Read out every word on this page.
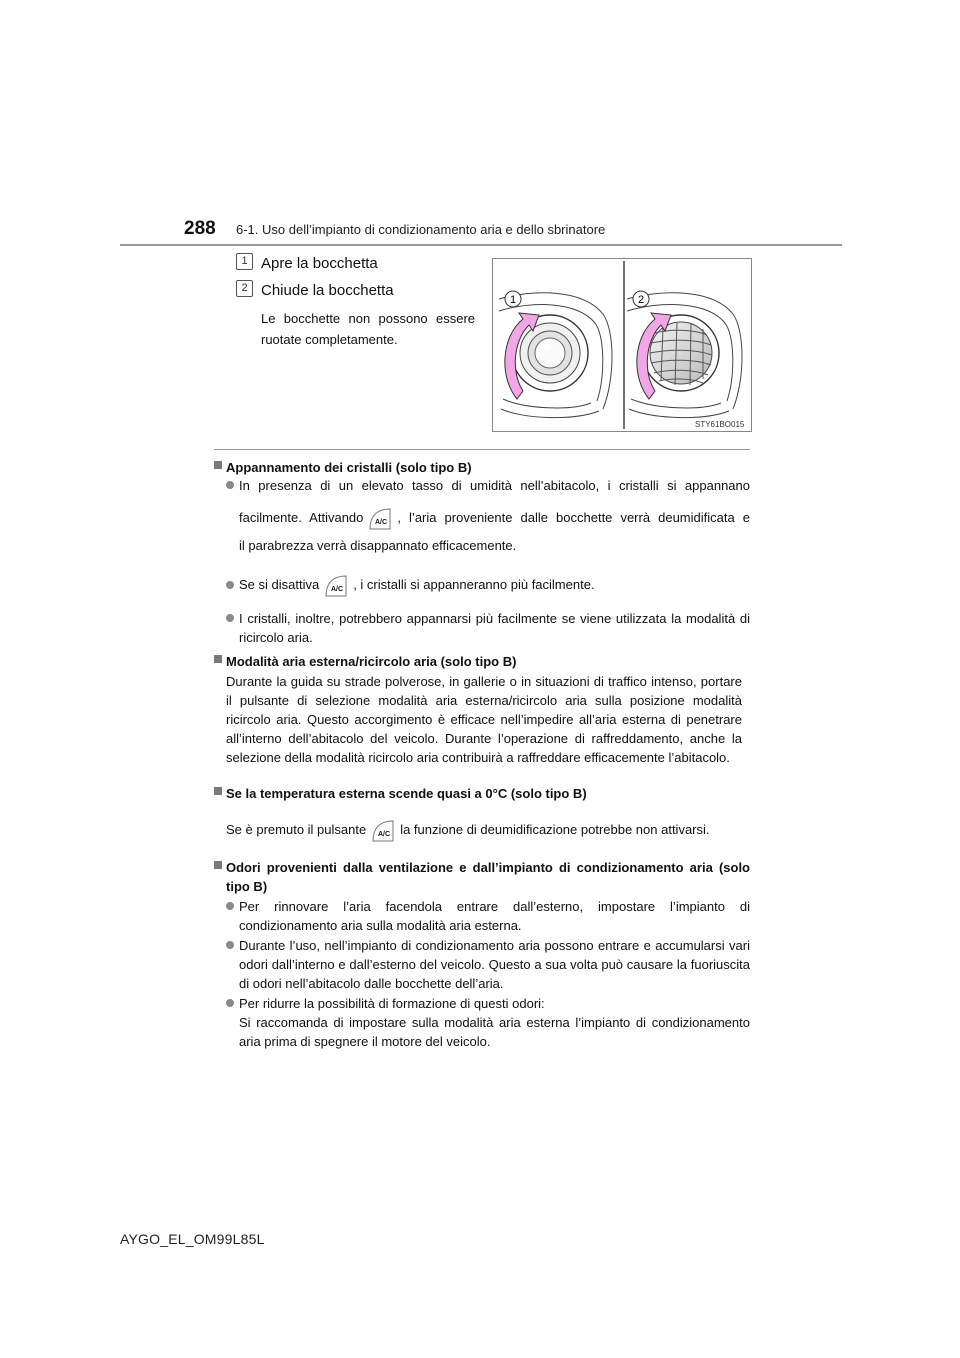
288 6-1. Uso dell’impianto di condizionamento aria e dello sbrinatore
1 Apre la bocchetta
2 Chiude la bocchetta
Le bocchette non possono essere ruotate completamente.
1	2
STY61BO015
Appannamento dei cristalli (solo tipo B)
In presenza di un elevato tasso di umidità nell’abitacolo, i cristalli si appannano
facilmente. Attivando A/C , l’aria proveniente dalle bocchette verrà deumidificata e
il parabrezza verrà disappannato efficacemente.
Se si disattiva A/C , i cristalli si appanneranno più facilmente.
I cristalli, inoltre, potrebbero appannarsi più facilmente se viene utilizzata la modalità di ricircolo aria.
Modalità aria esterna/ricircolo aria (solo tipo B)
Durante la guida su strade polverose, in gallerie o in situazioni di traffico intenso, portare il pulsante di selezione modalità aria esterna/ricircolo aria sulla posizione modalità ricircolo aria. Questo accorgimento è efficace nell’impedire all’aria esterna di penetrare all’interno dell’abitacolo del veicolo. Durante l’operazione di raffreddamento, anche la selezione della modalità ricircolo aria contribuirà a raffreddare efficacemente l’abitacolo.
Se la temperatura esterna scende quasi a 0°C (solo tipo B)
Se è premuto il pulsante A/C la funzione di deumidificazione potrebbe non attivarsi.
Odori provenienti dalla ventilazione e dall’impianto di condizionamento aria (solo tipo B)
Per rinnovare l’aria facendola entrare dall’esterno, impostare l’impianto di condizionamento aria sulla modalità aria esterna.
Durante l’uso, nell’impianto di condizionamento aria possono entrare e accumularsi vari odori dall’interno e dall’esterno del veicolo. Questo a sua volta può causare la fuoriuscita di odori nell’abitacolo dalle bocchette dell’aria.
Per ridurre la possibilità di formazione di questi odori:
Si raccomanda di impostare sulla modalità aria esterna l’impianto di condizionamento aria prima di spegnere il motore del veicolo.
AYGO_EL_OM99L85L
